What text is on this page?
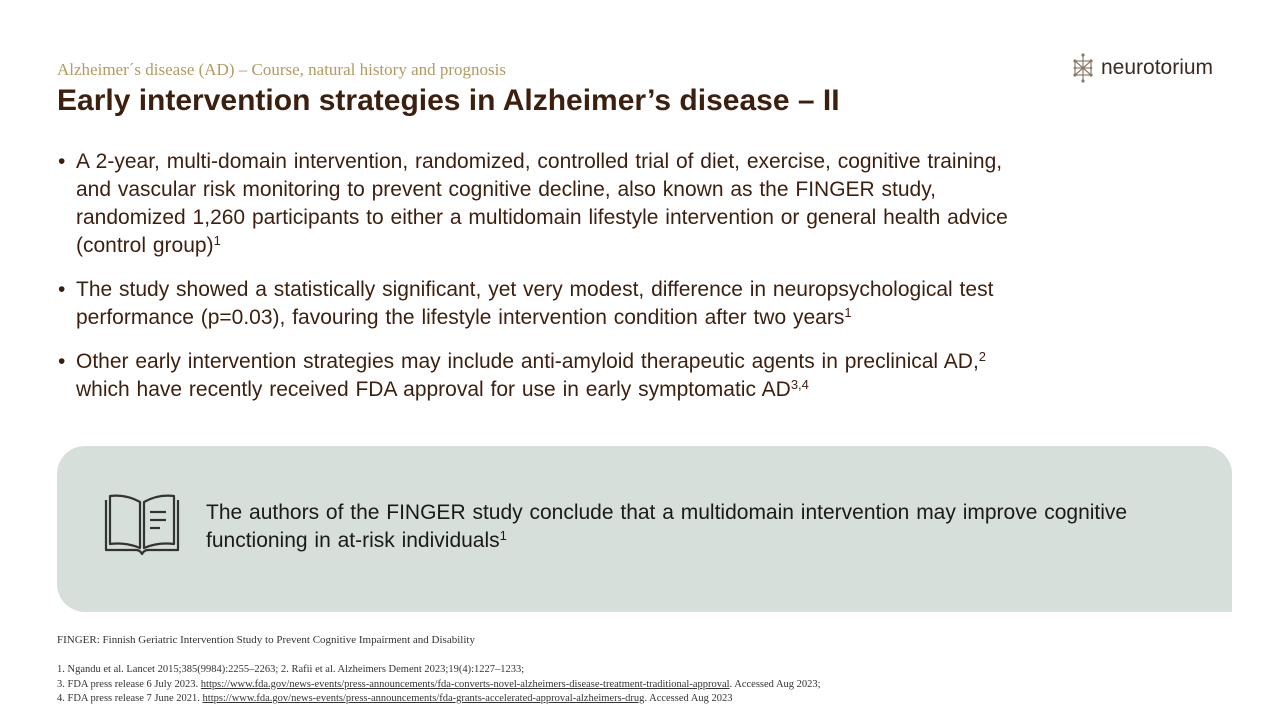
Alzheimer´s disease (AD) – Course, natural history and prognosis
Early intervention strategies in Alzheimer’s disease – II
neurotorium
• A 2-year, multi-domain intervention, randomized, controlled trial of diet, exercise, cognitive training, and vascular risk monitoring to prevent cognitive decline, also known as the FINGER study, randomized 1,260 participants to either a multidomain lifestyle intervention or general health advice (control group)$^1$
• The study showed a statistically significant, yet very modest, difference in neuropsychological test performance (p=0.03), favouring the lifestyle intervention condition after two years$^1$
• Other early intervention strategies may include anti-amyloid therapeutic agents in preclinical AD,$^2$ which have recently received FDA approval for use in early symptomatic AD$^{3,4}$
The authors of the FINGER study conclude that a multidomain intervention may improve cognitive functioning in at-risk individuals$^1$
FINGER: Finnish Geriatric Intervention Study to Prevent Cognitive Impairment and Disability
1. Ngandu et al. Lancet 2015;385(9984):2255–2263; 2. Rafii et al. Alzheimers Dement 2023;19(4):1227–1233;
3. FDA press release 6 July 2023. https://www.fda.gov/news-events/press-announcements/fda-converts-novel-alzheimers-disease-treatment-traditional-approval. Accessed Aug 2023;
4. FDA press release 7 June 2021. https://www.fda.gov/news-events/press-announcements/fda-grants-accelerated-approval-alzheimers-drug. Accessed Aug 2023
